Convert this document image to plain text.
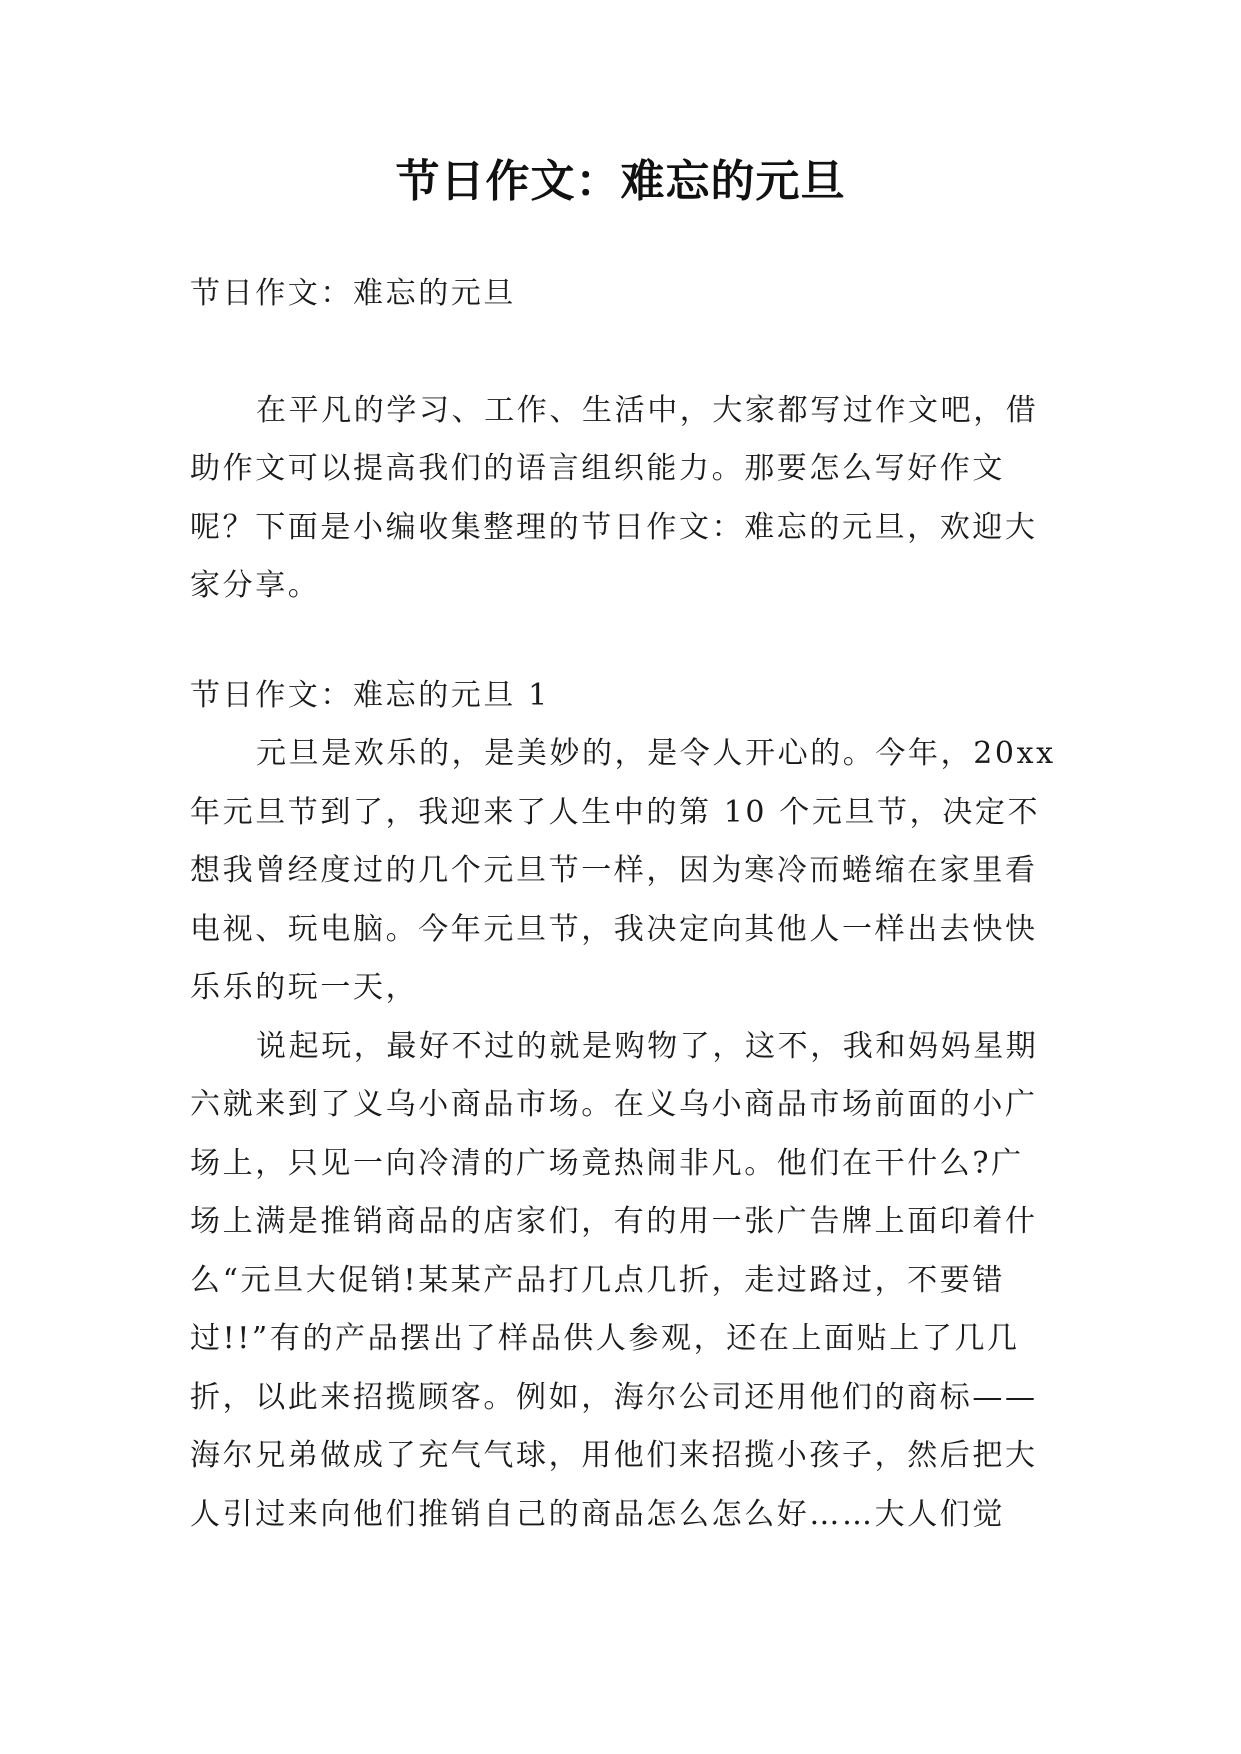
节日作文：难忘的元旦

节日作文：难忘的元旦

在平凡的学习、工作、生活中，大家都写过作文吧，借
助作文可以提高我们的语言组织能力。那要怎么写好作文
呢？下面是小编收集整理的节日作文：难忘的元旦，欢迎大
家分享。

节日作文：难忘的元旦 1

元旦是欢乐的，是美妙的，是令人开心的。今年，20xx
年元旦节到了，我迎来了人生中的第 10 个元旦节，决定不
想我曾经度过的几个元旦节一样，因为寒冷而蜷缩在家里看
电视、玩电脑。今年元旦节，我决定向其他人一样出去快快
乐乐的玩一天，
说起玩，最好不过的就是购物了，这不，我和妈妈星期
六就来到了义乌小商品市场。在义乌小商品市场前面的小广
场上，只见一向冷清的广场竟热闹非凡。他们在干什么?广
场上满是推销商品的店家们，有的用一张广告牌上面印着什
么“元旦大促销!某某产品打几点几折，走过路过，不要错
过!!”有的产品摆出了样品供人参观，还在上面贴上了几几
折，以此来招揽顾客。例如，海尔公司还用他们的商标——
海尔兄弟做成了充气气球，用他们来招揽小孩子，然后把大
人引过来向他们推销自己的商品怎么怎么好……大人们觉
